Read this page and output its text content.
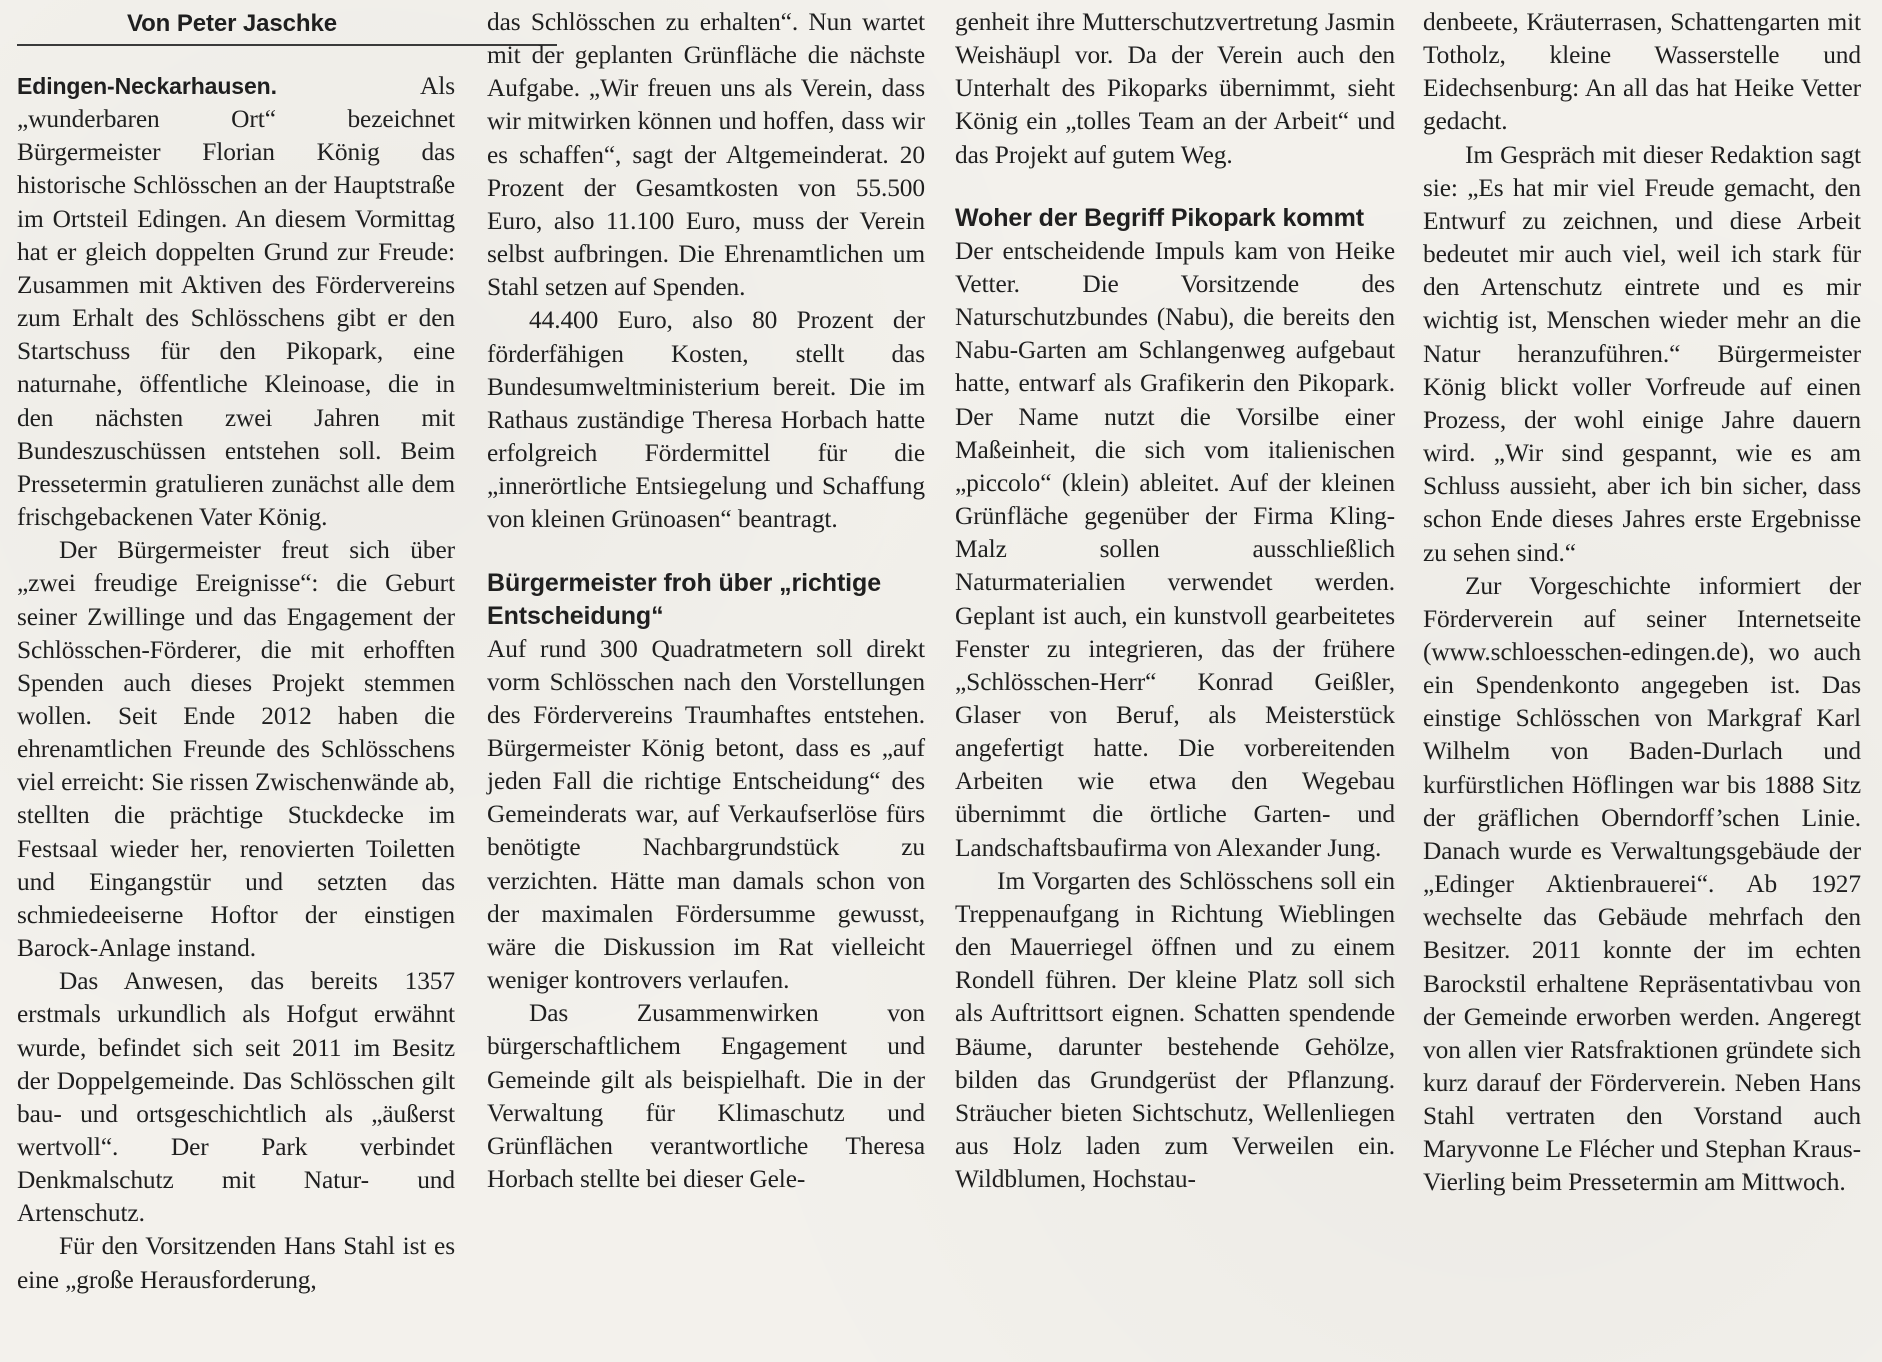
Von Peter Jaschke

Edingen-Neckarhausen.	Als „wunderbaren Ort“ bezeichnet Bürgermeister Florian König das historische Schlösschen an der Hauptstraße im Ortsteil Edingen. An diesem Vormittag hat er gleich doppelten Grund zur Freude: Zusammen mit Aktiven des Fördervereins zum Erhalt des Schlösschens gibt er den Startschuss für den Pikopark, eine naturnahe, öffentliche Kleinoase, die in den nächsten zwei Jahren mit Bundeszuschüssen entstehen soll. Beim Pressetermin gratulieren zunächst alle dem frischgebackenen Vater König.

Der Bürgermeister freut sich über „zwei freudige Ereignisse“: die Geburt seiner Zwillinge und das Engagement der Schlösschen-Förderer, die mit erhofften Spenden auch dieses Projekt stemmen wollen. Seit Ende 2012 haben die ehrenamtlichen Freunde des Schlösschens viel erreicht: Sie rissen Zwischenwände ab, stellten die prächtige Stuckdecke im Festsaal wieder her, renovierten Toiletten und Eingangstür und setzten das schmiedeeiserne Hoftor der einstigen Barock-Anlage instand.

Das Anwesen, das bereits 1357 erstmals urkundlich als Hofgut erwähnt wurde, befindet sich seit 2011 im Besitz der Doppelgemeinde. Das Schlösschen gilt bau- und ortsgeschichtlich als „äußerst wertvoll“. Der Park verbindet Denkmalschutz mit Natur- und Artenschutz.

Für den Vorsitzenden Hans Stahl ist es eine „große Herausforderung,

das Schlösschen zu erhalten“. Nun wartet mit der geplanten Grünfläche die nächste Aufgabe. „Wir freuen uns als Verein, dass wir mitwirken können und hoffen, dass wir es schaffen“, sagt der Altgemeinderat. 20 Prozent der Gesamtkosten von 55.500 Euro, also 11.100 Euro, muss der Verein selbst aufbringen. Die Ehrenamtlichen um Stahl setzen auf Spenden.

44.400 Euro, also 80 Prozent der förderfähigen Kosten, stellt das Bundesumweltministerium bereit. Die im Rathaus zuständige Theresa Horbach hatte erfolgreich Fördermittel für die „innerörtliche Entsiegelung und Schaffung von kleinen Grünoasen“ beantragt.

Bürgermeister froh über „richtige Entscheidung“

Auf rund 300 Quadratmetern soll direkt vorm Schlösschen nach den Vorstellungen des Fördervereins Traumhaftes entstehen. Bürgermeister König betont, dass es „auf jeden Fall die richtige Entscheidung“ des Gemeinderats war, auf Verkaufserlöse fürs benötigte Nachbargrundstück zu verzichten. Hätte man damals schon von der maximalen Fördersumme gewusst, wäre die Diskussion im Rat vielleicht weniger kontrovers verlaufen.

Das Zusammenwirken von bürgerschaftlichem Engagement und Gemeinde gilt als beispielhaft. Die in der Verwaltung für Klimaschutz und Grünflächen verantwortliche Theresa Horbach stellte bei dieser Gele-

genheit ihre Mutterschutzvertretung Jasmin Weishäupl vor. Da der Verein auch den Unterhalt des Pikoparks übernimmt, sieht König ein „tolles Team an der Arbeit“ und das Projekt auf gutem Weg.

Woher der Begriff Pikopark kommt

Der entscheidende Impuls kam von Heike Vetter. Die Vorsitzende des Naturschutzbundes (Nabu), die bereits den Nabu-Garten am Schlangenweg aufgebaut hatte, entwarf als Grafikerin den Pikopark. Der Name nutzt die Vorsilbe einer Maßeinheit, die sich vom italienischen „piccolo“ (klein) ableitet. Auf der kleinen Grünfläche gegenüber der Firma Kling-Malz sollen ausschließlich Naturmaterialien verwendet werden. Geplant ist auch, ein kunstvoll gearbeitetes Fenster zu integrieren, das der frühere „Schlösschen-Herr“ Konrad Geißler, Glaser von Beruf, als Meisterstück angefertigt hatte. Die vorbereitenden Arbeiten wie etwa den Wegebau übernimmt die örtliche Garten- und Landschaftsbaufirma von Alexander Jung.

Im Vorgarten des Schlösschens soll ein Treppenaufgang in Richtung Wieblingen den Mauerriegel öffnen und zu einem Rondell führen. Der kleine Platz soll sich als Auftrittsort eignen. Schatten spendende Bäume, darunter bestehende Gehölze, bilden das Grundgerüst der Pflanzung. Sträucher bieten Sichtschutz, Wellenliegen aus Holz laden zum Verweilen ein. Wildblumen, Hochstau-

denbeete, Kräuterrasen, Schattengarten mit Totholz, kleine Wasserstelle und Eidechsenburg: An all das hat Heike Vetter gedacht.

Im Gespräch mit dieser Redaktion sagt sie: „Es hat mir viel Freude gemacht, den Entwurf zu zeichnen, und diese Arbeit bedeutet mir auch viel, weil ich stark für den Artenschutz eintrete und es mir wichtig ist, Menschen wieder mehr an die Natur heranzuführen.“ Bürgermeister König blickt voller Vorfreude auf einen Prozess, der wohl einige Jahre dauern wird. „Wir sind gespannt, wie es am Schluss aussieht, aber ich bin sicher, dass schon Ende dieses Jahres erste Ergebnisse zu sehen sind.“

Zur Vorgeschichte informiert der Förderverein auf seiner Internetseite (www.schloesschen-edingen.de), wo auch ein Spendenkonto angegeben ist. Das einstige Schlösschen von Markgraf Karl Wilhelm von Baden-Durlach und kurfürstlichen Höflingen war bis 1888 Sitz der gräflichen Oberndorff’schen Linie. Danach wurde es Verwaltungsgebäude der „Edinger Aktienbrauerei“. Ab 1927 wechselte das Gebäude mehrfach den Besitzer. 2011 konnte der im echten Barockstil erhaltene Repräsentativbau von der Gemeinde erworben werden. Angeregt von allen vier Ratsfraktionen gründete sich kurz darauf der Förderverein. Neben Hans Stahl vertraten den Vorstand auch Maryvonne Le Flécher und Stephan Kraus-Vierling beim Pressetermin am Mittwoch.
